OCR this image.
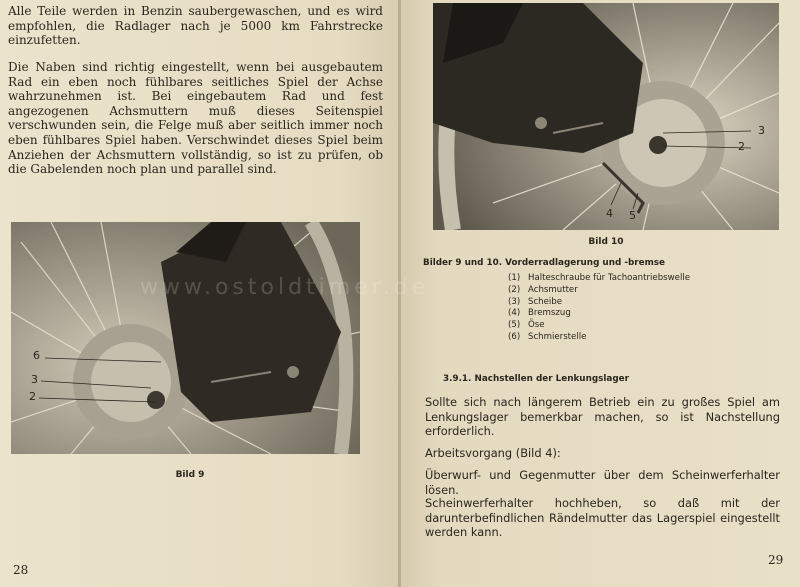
Alle Teile werden in Benzin saubergewaschen, und es wird empfohlen, die Radlager nach je 5000 km Fahrstrecke einzufetten.

Die Naben sind richtig eingestellt, wenn bei ausgebautem Rad ein eben noch fühlbares seitliches Spiel der Achse wahrzunehmen ist. Bei eingebautem Rad und fest angezogenen Achsmuttern muß dieses Seitenspiel verschwunden sein, die Felge muß aber seitlich immer noch eben fühlbares Spiel haben. Verschwindet dieses Spiel beim Anziehen der Achsmuttern vollständig, so ist zu prüfen, ob die Gabelenden noch plan und parallel sind.

6
3
2
Bild 9
28
3
2
4 5
Bild 10
Bilder 9 und 10. Vorderradlagerung und -bremse
(1) Halteschraube für Tachoantriebswelle
(2) Achsmutter
(3) Scheibe
(4) Bremszug
(5) Öse
(6) Schmierstelle
3.9.1. Nachstellen der Lenkungslager

Sollte sich nach längerem Betrieb ein zu großes Spiel am Lenkungslager bemerkbar machen, so ist Nachstellung erforderlich.

Arbeitsvorgang (Bild 4):

Überwurf- und Gegenmutter über dem Scheinwerferhalter lösen.

Scheinwerferhalter hochheben, so daß mit der darunterbefindlichen Rändelmutter das Lagerspiel eingestellt werden kann.

29
